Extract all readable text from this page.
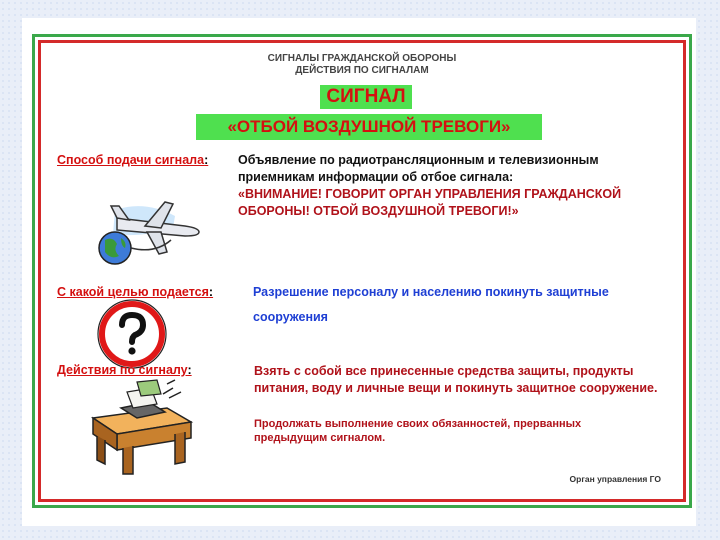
СИГНАЛЫ ГРАЖДАНСКОЙ ОБОРОНЫ
ДЕЙСТВИЯ ПО СИГНАЛАМ
СИГНАЛ
«ОТБОЙ ВОЗДУШНОЙ ТРЕВОГИ»
Способ подачи сигнала: Объявление по радиотрансляционным и телевизионным приемникам информации об отбое сигнала:
«ВНИМАНИЕ! ГОВОРИТ ОРГАН УПРАВЛЕНИЯ ГРАЖДАНСКОЙ ОБОРОНЫ! ОТБОЙ ВОЗДУШНОЙ ТРЕВОГИ!»
С какой целью подается:	Разрешение персоналу и населению покинуть защитные
сооружения
Действия по сигналу:	Взять с собой все принесенные средства защиты, продукты питания, воду и личные вещи и покинуть защитное сооружение.
Продолжать выполнение своих обязанностей, прерванных предыдущим сигналом.
Орган управления ГО
